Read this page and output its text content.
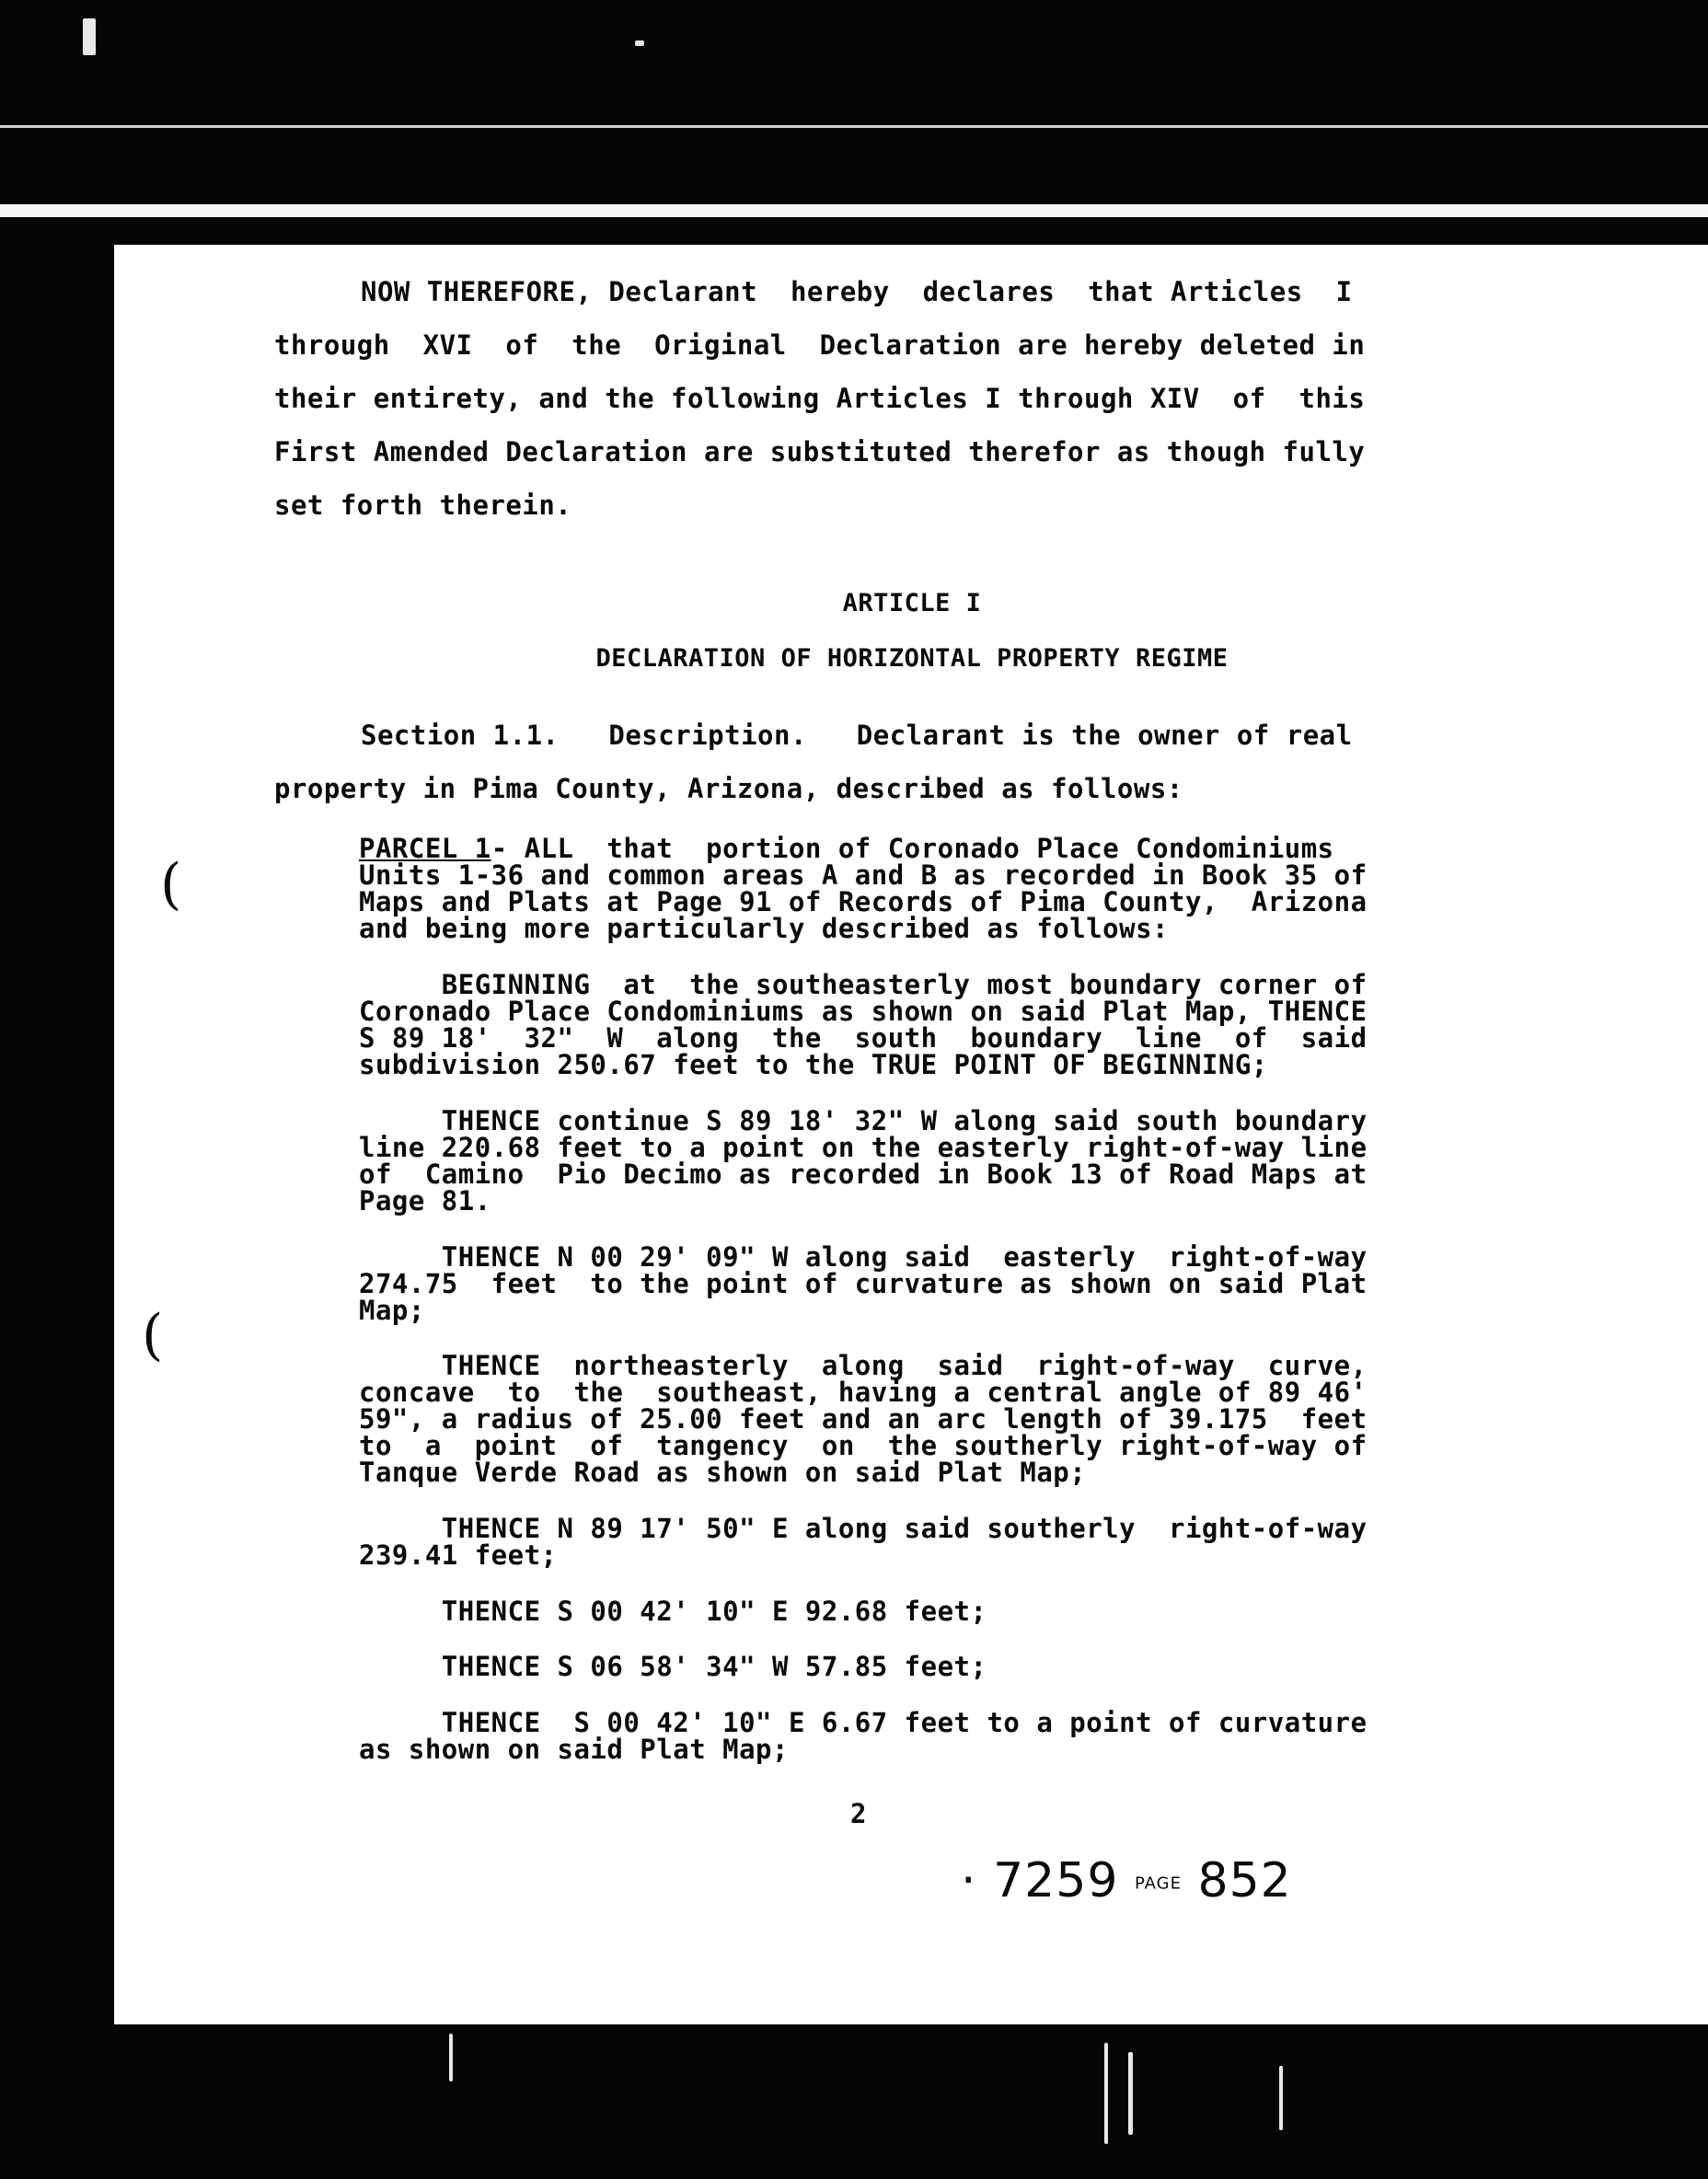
NOW THEREFORE, Declarant  hereby  declares  that Articles  I
through  XVI  of  the  Original  Declaration are hereby deleted in
their entirety, and the following Articles I through XIV  of  this
First Amended Declaration are substituted therefor as though fully
set forth therein.
ARTICLE I
DECLARATION OF HORIZONTAL PROPERTY REGIME
Section 1.1.   Description.   Declarant is the owner of real
property in Pima County, Arizona, described as follows:
PARCEL 1- ALL  that  portion of Coronado Place Condominiums
Units 1-36 and common areas A and B as recorded in Book 35 of
Maps and Plats at Page 91 of Records of Pima County,  Arizona
and being more particularly described as follows:
BEGINNING  at  the southeasterly most boundary corner of
Coronado Place Condominiums as shown on said Plat Map, THENCE
S 89 18'  32"  W  along  the  south  boundary  line  of  said
subdivision 250.67 feet to the TRUE POINT OF BEGINNING;
THENCE continue S 89 18' 32" W along said south boundary
line 220.68 feet to a point on the easterly right-of-way line
of  Camino  Pio Decimo as recorded in Book 13 of Road Maps at
Page 81.
THENCE N 00 29' 09" W along said  easterly  right-of-way
274.75  feet  to the point of curvature as shown on said Plat
Map;
THENCE  northeasterly  along  said  right-of-way  curve,
concave  to  the  southeast, having a central angle of 89 46'
59", a radius of 25.00 feet and an arc length of 39.175  feet
to  a  point  of  tangency  on  the southerly right-of-way of
Tanque Verde Road as shown on said Plat Map;
THENCE N 89 17' 50" E along said southerly  right-of-way
239.41 feet;
THENCE S 00 42' 10" E 92.68 feet;
THENCE S 06 58' 34" W 57.85 feet;
THENCE  S 00 42' 10" E 6.67 feet to a point of curvature
as shown on said Plat Map;
2
· 7259 PAGE 852
(
(
